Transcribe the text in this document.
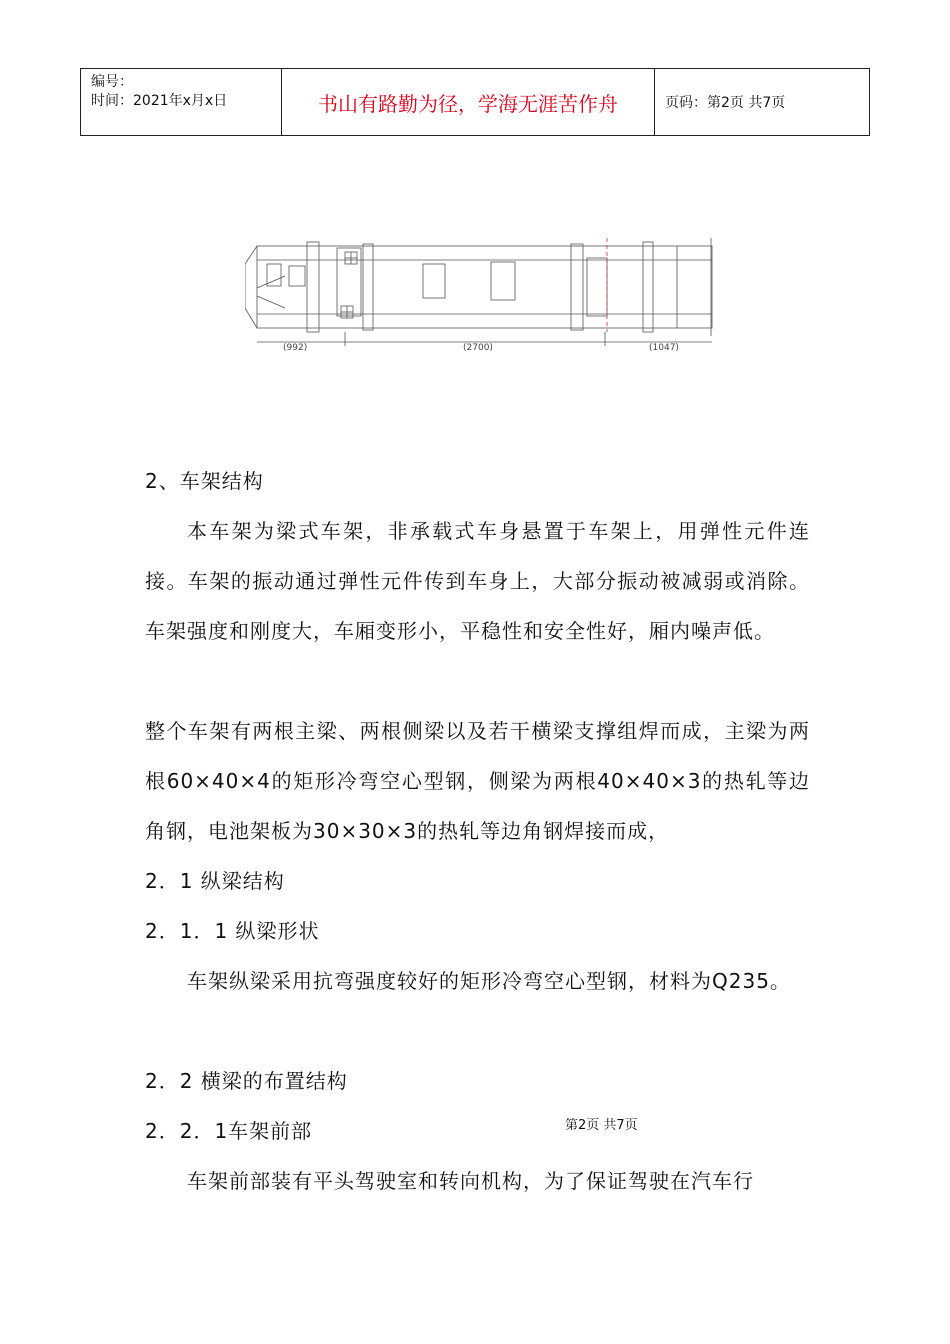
编号：
时间：2021年x月x日	书山有路勤为径，学海无涯苦作舟	页码：第2页 共7页
(992)	(2700)	(1047)

2、车架结构

本车架为梁式车架，非承载式车身悬置于车架上，用弹性元件连接。车架的振动通过弹性元件传到车身上，大部分振动被减弱或消除。车架强度和刚度大，车厢变形小，平稳性和安全性好，厢内噪声低。

整个车架有两根主梁、两根侧梁以及若干横梁支撑组焊而成，主梁为两根60×40×4的矩形冷弯空心型钢，侧梁为两根40×40×3的热轧等边角钢，电池架板为30×30×3的热轧等边角钢焊接而成，

2．1 纵梁结构

2．1．1 纵梁形状

车架纵梁采用抗弯强度较好的矩形冷弯空心型钢，材料为Q235。

2．2 横梁的布置结构

2．2．1车架前部

车架前部装有平头驾驶室和转向机构，为了保证驾驶在汽车行

第2页 共7页
